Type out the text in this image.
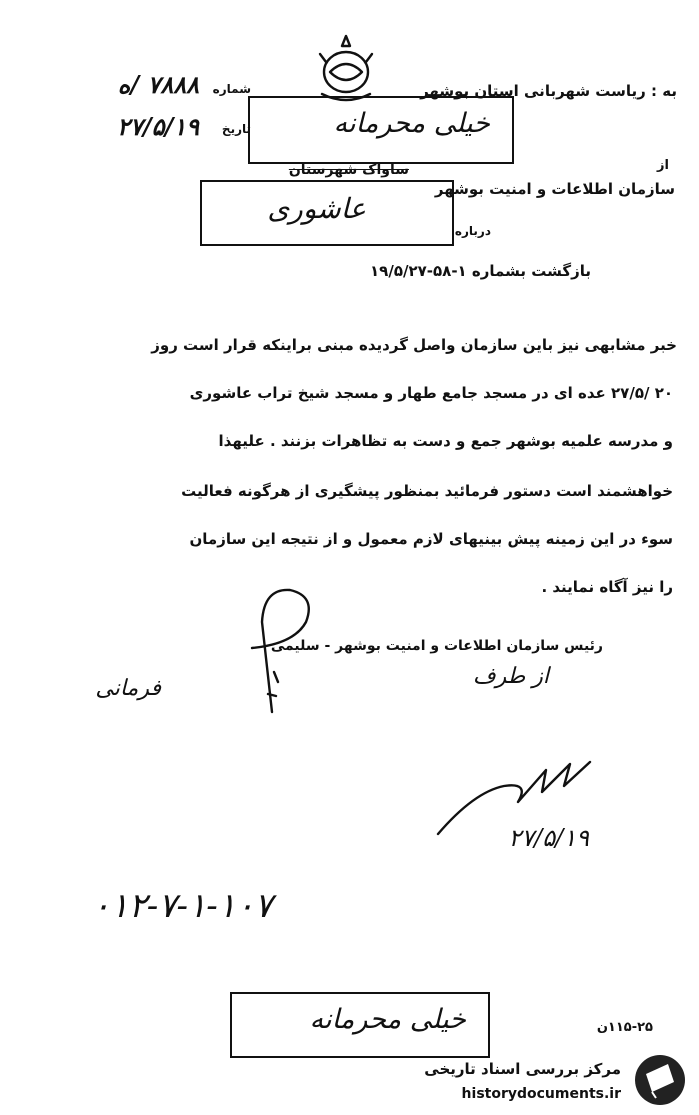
به : ریاست شهربانی استان بوشهر
شماره
۷۸۸۸ /ه
تاریخ
۲۷/۵/۱۹	خیلی محرمانه
ساواک شهرستان	از
سازمان اطلاعات و امنیت بوشهر
عاشوری
درباره
بازگشت بشماره ۱-۵۸-۱۹/۵/۲۷
خبر مشابهی نیز باین سازمان واصل گردیده مبنی براینکه قرار است روز
۲۰ /۲۷/۵ عده ای در مسجد جامع طهار و مسجد شیخ تراب عاشوری
و مدرسه علمیه بوشهر جمع و دست به تظاهرات بزنند . علیهذا
خواهشمند است دستور فرمائید بمنظور پیشگیری از هرگونه فعالیت
سوء در این زمینه پیش بینیهای لازم معمول و از نتیجه این سازمان
را نیز آگاه نمایند .
رئیس سازمان اطلاعات و امنیت بوشهر - سلیمی
از طرف
فرمانی
۲۷/۵/۱۹
۰۱۲-۷-۱-۱۰۷
خیلی محرمانه	۱۱۵-۲۵ن
مرکز بررسی اسناد تاریخی
historydocuments.ir
